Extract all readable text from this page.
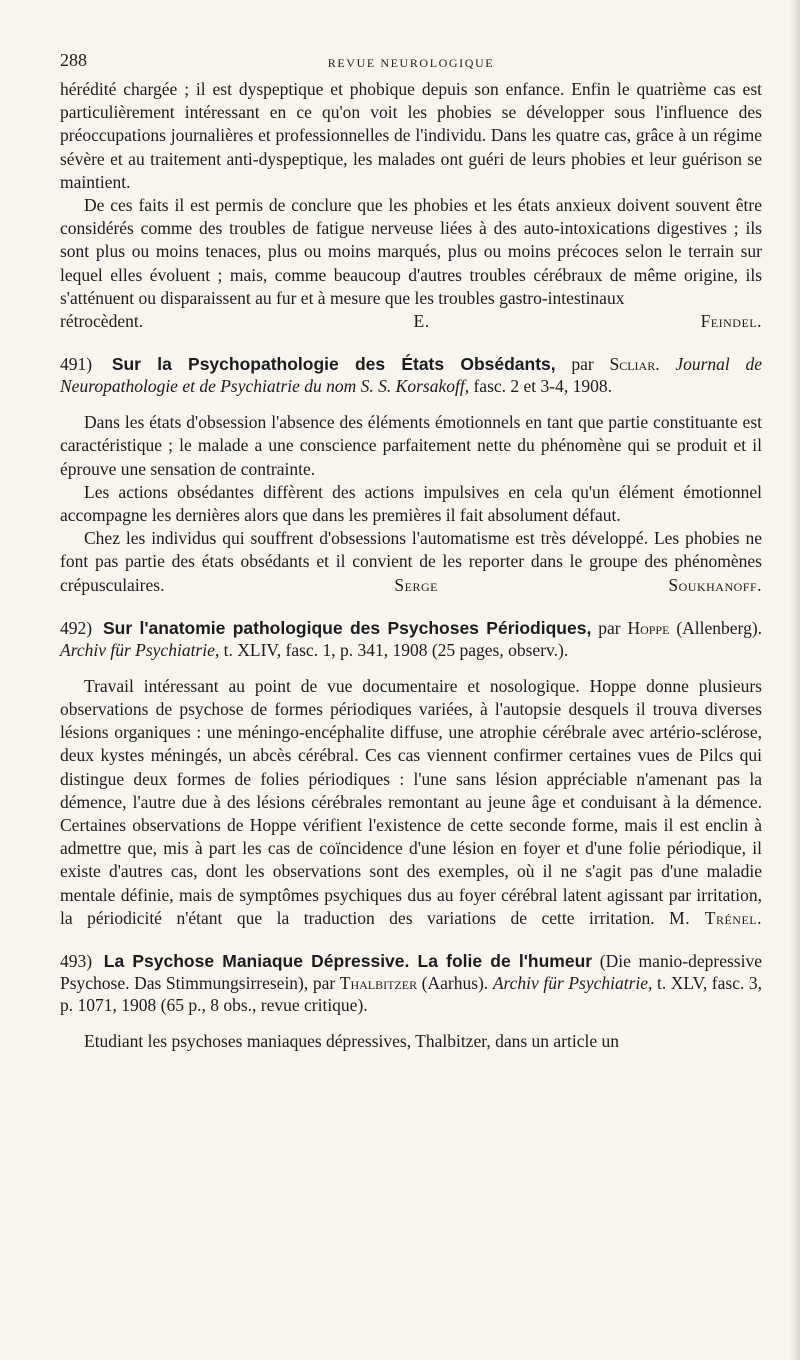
288	REVUE NEUROLOGIQUE

hérédité chargée ; il est dyspeptique et phobique depuis son enfance. Enfin le quatrième cas est particulièrement intéressant en ce qu'on voit les phobies se développer sous l'influence des préoccupations journalières et professionnelles de l'individu. Dans les quatre cas, grâce à un régime sévère et au traitement anti-dyspeptique, les malades ont guéri de leurs phobies et leur guérison se maintient.

De ces faits il est permis de conclure que les phobies et les états anxieux doivent souvent être considérés comme des troubles de fatigue nerveuse liées à des auto-intoxications digestives ; ils sont plus ou moins tenaces, plus ou moins marqués, plus ou moins précoces selon le terrain sur lequel elles évoluent ; mais, comme beaucoup d'autres troubles cérébraux de même origine, ils s'atténuent ou disparaissent au fur et à mesure que les troubles gastro-intestinaux

rétrocèdent.	E. Feindel.

491) Sur la Psychopathologie des États Obsédants, par Scliar. Journal de Neuropathologie et de Psychiatrie du nom S. S. Korsakoff, fasc. 2 et 3-4, 1908.

Dans les états d'obsession l'absence des éléments émotionnels en tant que partie constituante est caractéristique ; le malade a une conscience parfaitement nette du phénomène qui se produit et il éprouve une sensation de contrainte.

Les actions obsédantes diffèrent des actions impulsives en cela qu'un élément émotionnel accompagne les dernières alors que dans les premières il fait absolument défaut.

Chez les individus qui souffrent d'obsessions l'automatisme est très développé. Les phobies ne font pas partie des états obsédants et il convient de les reporter dans le groupe des phénomènes crépusculaires.	Serge Soukhanoff.

492) Sur l'anatomie pathologique des Psychoses Périodiques, par Hoppe (Allenberg). Archiv für Psychiatrie, t. XLIV, fasc. 1, p. 341, 1908 (25 pages, observ.).

Travail intéressant au point de vue documentaire et nosologique. Hoppe donne plusieurs observations de psychose de formes périodiques variées, à l'autopsie desquels il trouva diverses lésions organiques : une méningo-encéphalite diffuse, une atrophie cérébrale avec artério-sclérose, deux kystes méningés, un abcès cérébral. Ces cas viennent confirmer certaines vues de Pilcs qui distingue deux formes de folies périodiques : l'une sans lésion appréciable n'amenant pas la démence, l'autre due à des lésions cérébrales remontant au jeune âge et conduisant à la démence. Certaines observations de Hoppe vérifient l'existence de cette seconde forme, mais il est enclin à admettre que, mis à part les cas de coïncidence d'une lésion en foyer et d'une folie périodique, il existe d'autres cas, dont les observations sont des exemples, où il ne s'agit pas d'une maladie mentale définie, mais de symptômes psychiques dus au foyer cérébral latent agissant par irritation, la périodicité n'étant que la traduction des variations de cette irritation. M. Trénel.

493) La Psychose Maniaque Dépressive. La folie de l'humeur (Die manio-depressive Psychose. Das Stimmungsirresein), par Thalbitzer (Aarhus). Archiv für Psychiatrie, t. XLV, fasc. 3, p. 1071, 1908 (65 p., 8 obs., revue critique).

Etudiant les psychoses maniaques dépressives, Thalbitzer, dans un article un
